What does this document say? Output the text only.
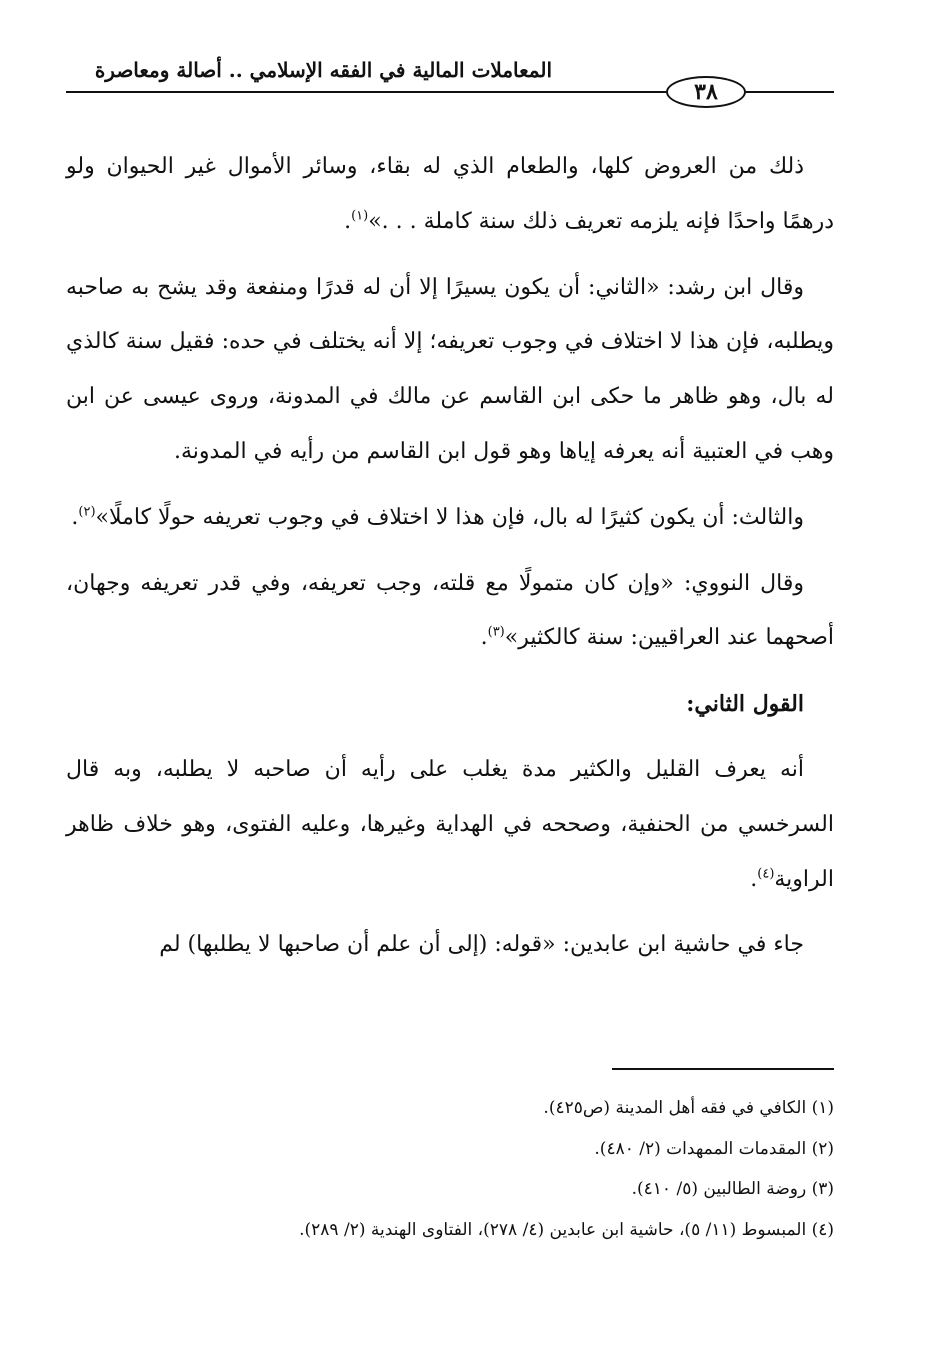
المعاملات المالية في الفقه الإسلامي .. أصالة ومعاصرة
٣٨

ذلك من العروض كلها، والطعام الذي له بقاء، وسائر الأموال غير الحيوان ولو درهمًا واحدًا فإنه يلزمه تعريف ذلك سنة كاملة . . .»$^{(١)}$.

وقال ابن رشد: «الثاني: أن يكون يسيرًا إلا أن له قدرًا ومنفعة وقد يشح به صاحبه ويطلبه، فإن هذا لا اختلاف في وجوب تعريفه؛ إلا أنه يختلف في حده: فقيل سنة كالذي له بال، وهو ظاهر ما حكى ابن القاسم عن مالك في المدونة، وروى عيسى عن ابن وهب في العتبية أنه يعرفه إياها وهو قول ابن القاسم من رأيه في المدونة.

والثالث: أن يكون كثيرًا له بال، فإن هذا لا اختلاف في وجوب تعريفه حولًا كاملًا»$^{(٢)}$.

وقال النووي: «وإن كان متمولًا مع قلته، وجب تعريفه، وفي قدر تعريفه وجهان، أصحهما عند العراقيين: سنة كالكثير»$^{(٣)}$.

القول الثاني:

أنه يعرف القليل والكثير مدة يغلب على رأيه أن صاحبه لا يطلبه، وبه قال السرخسي من الحنفية، وصححه في الهداية وغيرها، وعليه الفتوى، وهو خلاف ظاهر الراوية$^{(٤)}$.

جاء في حاشية ابن عابدين: «قوله: (إلى أن علم أن صاحبها لا يطلبها) لم

(١) الكافي في فقه أهل المدينة (ص٤٢٥).
(٢) المقدمات الممهدات (٢/ ٤٨٠).
(٣) روضة الطالبين (٥/ ٤١٠).
(٤) المبسوط (١١/ ٥)، حاشية ابن عابدين (٤/ ٢٧٨)، الفتاوى الهندية (٢/ ٢٨٩).
